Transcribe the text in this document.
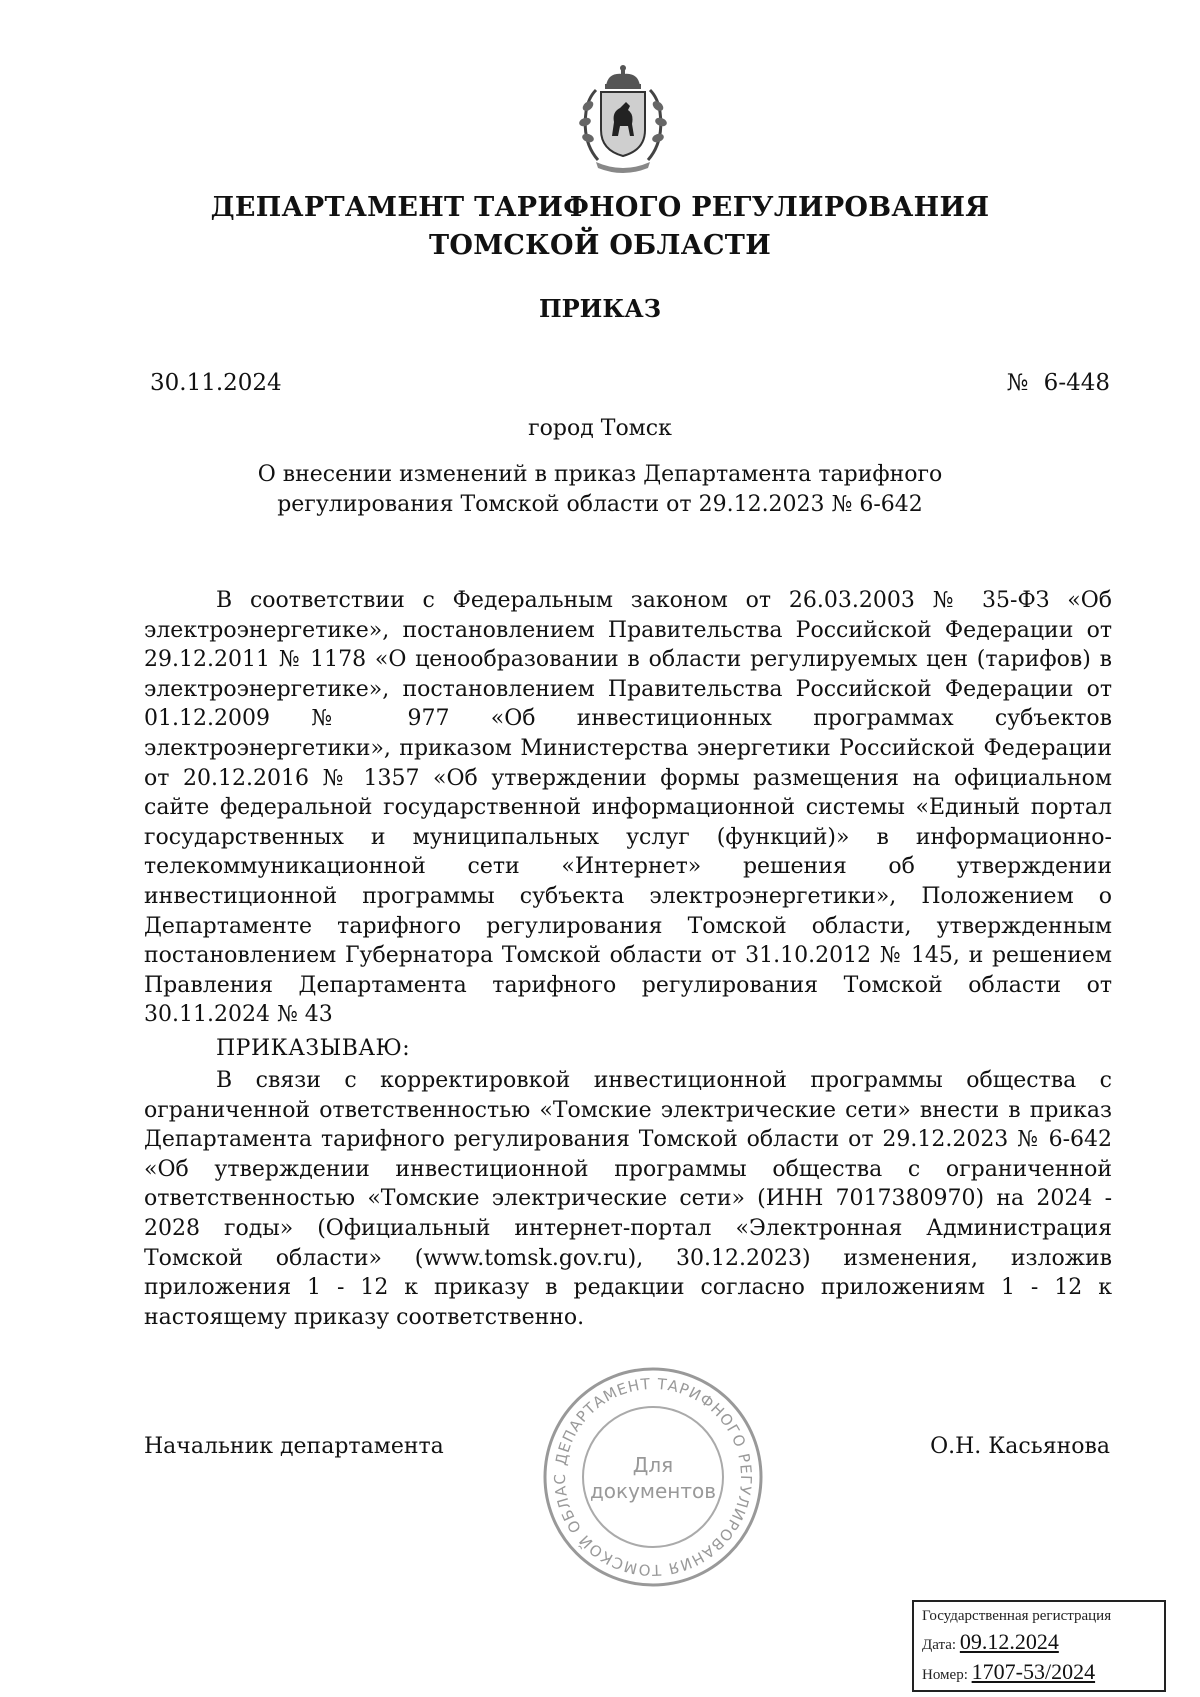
ДЕПАРТАМЕНТ ТАРИФНОГО РЕГУЛИРОВАНИЯ
ТОМСКОЙ ОБЛАСТИ
ПРИКАЗ
30.11.2024	№ 6-448
город Томск
О внесении изменений в приказ Департамента тарифного
регулирования Томской области от 29.12.2023 № 6-642
В соответствии с Федеральным законом от 26.03.2003 № 35-ФЗ «Об электроэнергетике», постановлением Правительства Российской Федерации от 29.12.2011 № 1178 «О ценообразовании в области регулируемых цен (тарифов) в электроэнергетике», постановлением Правительства Российской Федерации от 01.12.2009 № 977 «Об инвестиционных программах субъектов электроэнергетики», приказом Министерства энергетики Российской Федерации от 20.12.2016 № 1357 «Об утверждении формы размещения на официальном сайте федеральной государственной информационной системы «Единый портал государственных и муниципальных услуг (функций)» в информационно-телекоммуникационной сети «Интернет» решения об утверждении инвестиционной программы субъекта электроэнергетики», Положением о Департаменте тарифного регулирования Томской области, утвержденным постановлением Губернатора Томской области от 31.10.2012 № 145, и решением Правления Департамента тарифного регулирования Томской области от 30.11.2024 № 43
ПРИКАЗЫВАЮ:
В связи с корректировкой инвестиционной программы общества с ограниченной ответственностью «Томские электрические сети» внести в приказ Департамента тарифного регулирования Томской области от 29.12.2023 № 6-642 «Об утверждении инвестиционной программы общества с ограниченной ответственностью «Томские электрические сети» (ИНН 7017380970) на 2024 - 2028 годы» (Официальный интернет-портал «Электронная Администрация Томской области» (www.tomsk.gov.ru), 30.12.2023) изменения, изложив приложения 1 - 12 к приказу в редакции согласно приложениям 1 - 12 к настоящему приказу соответственно.
Начальник департамента	О.Н. Касьянова
ДЕПАРТАМЕНТ ТАРИФНОГО РЕГУЛИРОВАНИЯ ТОМСКОЙ ОБЛАС
Для
документов
Государственная регистрация
Дата: 09.12.2024
Номер: 1707-53/2024
